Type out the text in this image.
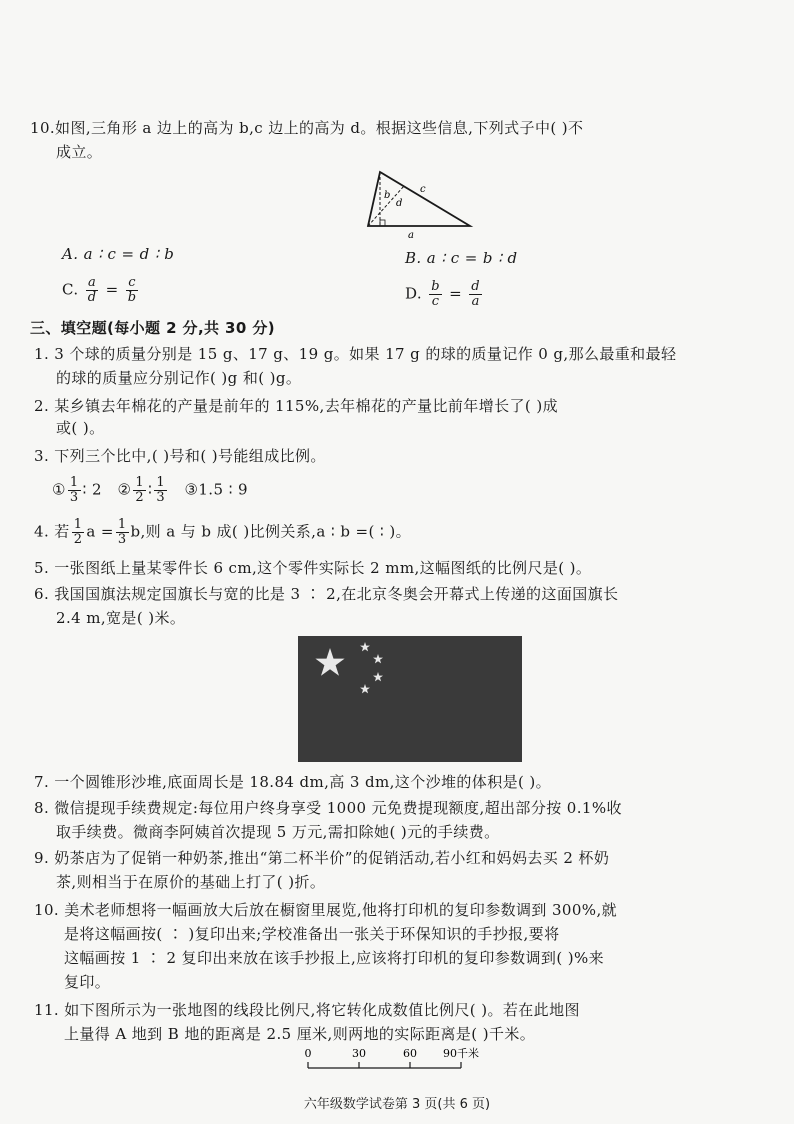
10.如图,三角形 a 边上的高为 b,c 边上的高为 d。根据这些信息,下列式子中( )不
成立。
b
c
d
a
A. a ∶ c = d ∶ b	B. a ∶ c = b ∶ d
C. $\frac{a}{d} = \frac{c}{b}$	D. $\frac{b}{c} = \frac{d}{a}$
三、填空题(每小题 2 分,共 30 分)
1. 3 个球的质量分别是 15 g、17 g、19 g。如果 17 g 的球的质量记作 0 g,那么最重和最轻
的球的质量应分别记作( )g 和( )g。
2. 某乡镇去年棉花的产量是前年的 115%,去年棉花的产量比前年增长了( )成
或( )。
3. 下列三个比中,( )号和( )号能组成比例。
① $\frac{1}{3}$ ∶ 2 ② $\frac{1}{2}$ ∶ $\frac{1}{3}$ ③1.5 ∶ 9
4. 若 $\frac{1}{2}$ $a = \frac{1}{3} b$,则 a 与 b 成( )比例关系,a ∶ b =( ∶ )。
5. 一张图纸上量某零件长 6 cm,这个零件实际长 2 mm,这幅图纸的比例尺是( )。
6. 我国国旗法规定国旗长与宽的比是 3 ∶ 2,在北京冬奥会开幕式上传递的这面国旗长
2.4 m,宽是( )米。
7. 一个圆锥形沙堆,底面周长是 18.84 dm,高 3 dm,这个沙堆的体积是( )。
8. 微信提现手续费规定:每位用户终身享受 1000 元免费提现额度,超出部分按 0.1%收
取手续费。微商李阿姨首次提现 5 万元,需扣除她( )元的手续费。
9. 奶茶店为了促销一种奶茶,推出“第二杯半价”的促销活动,若小红和妈妈去买 2 杯奶
茶,则相当于在原价的基础上打了( )折。
10. 美术老师想将一幅画放大后放在橱窗里展览,他将打印机的复印参数调到 300%,就
是将这幅画按( ∶ )复印出来;学校准备出一张关于环保知识的手抄报,要将
这幅画按 1 ∶ 2 复印出来放在该手抄报上,应该将打印机的复印参数调到( )%来
复印。
11. 如下图所示为一张地图的线段比例尺,将它转化成数值比例尺( )。若在此地图
上量得 A 地到 B 地的距离是 2.5 厘米,则两地的实际距离是( )千米。
0	30	60 90千米
六年级数学试卷第 3 页(共 6 页)
